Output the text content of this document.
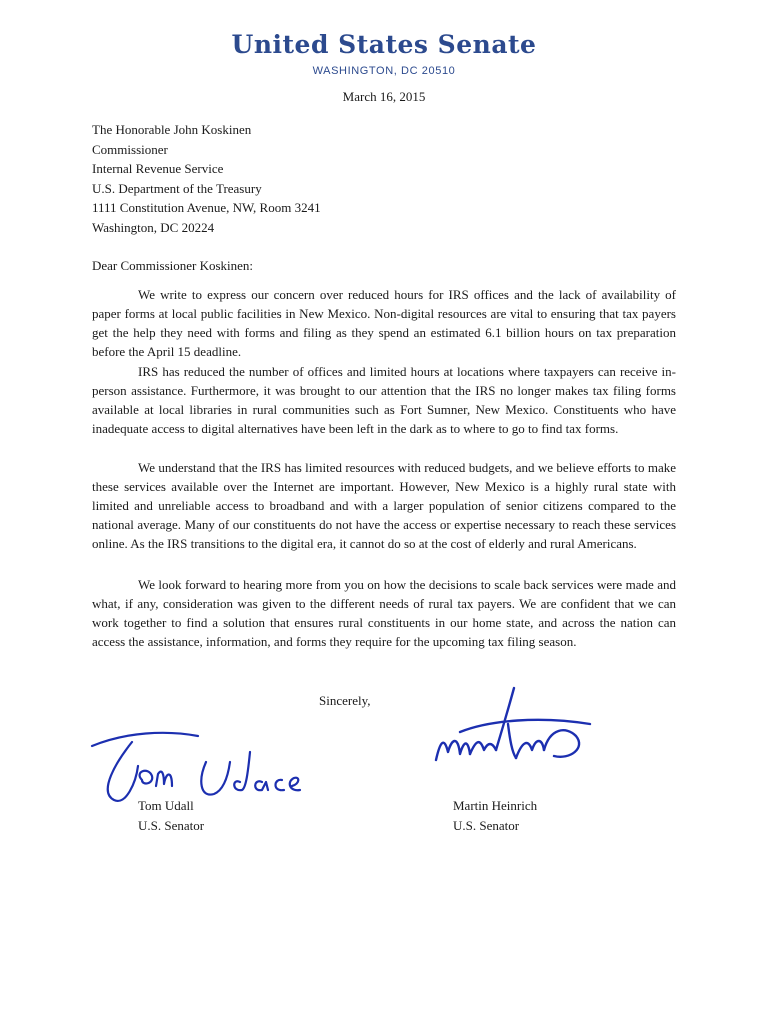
United States Senate
WASHINGTON, DC 20510
March 16, 2015
The Honorable John Koskinen
Commissioner
Internal Revenue Service
U.S. Department of the Treasury
1111 Constitution Avenue, NW, Room 3241
Washington, DC 20224
Dear Commissioner Koskinen:

We write to express our concern over reduced hours for IRS offices and the lack of availability of paper forms at local public facilities in New Mexico. Non-digital resources are vital to ensuring that tax payers get the help they need with forms and filing as they spend an estimated 6.1 billion hours on tax preparation before the April 15 deadline.

IRS has reduced the number of offices and limited hours at locations where taxpayers can receive in-person assistance. Furthermore, it was brought to our attention that the IRS no longer makes tax filing forms available at local libraries in rural communities such as Fort Sumner, New Mexico. Constituents who have inadequate access to digital alternatives have been left in the dark as to where to go to find tax forms.

We understand that the IRS has limited resources with reduced budgets, and we believe efforts to make these services available over the Internet are important. However, New Mexico is a highly rural state with limited and unreliable access to broadband and with a larger population of senior citizens compared to the national average. Many of our constituents do not have the access or expertise necessary to reach these services online. As the IRS transitions to the digital era, it cannot do so at the cost of elderly and rural Americans.

We look forward to hearing more from you on how the decisions to scale back services were made and what, if any, consideration was given to the different needs of rural tax payers. We are confident that we can work together to find a solution that ensures rural constituents in our home state, and across the nation can access the assistance, information, and forms they require for the upcoming tax filing season.

Sincerely,
Tom Udall
U.S. Senator
Martin Heinrich
U.S. Senator
